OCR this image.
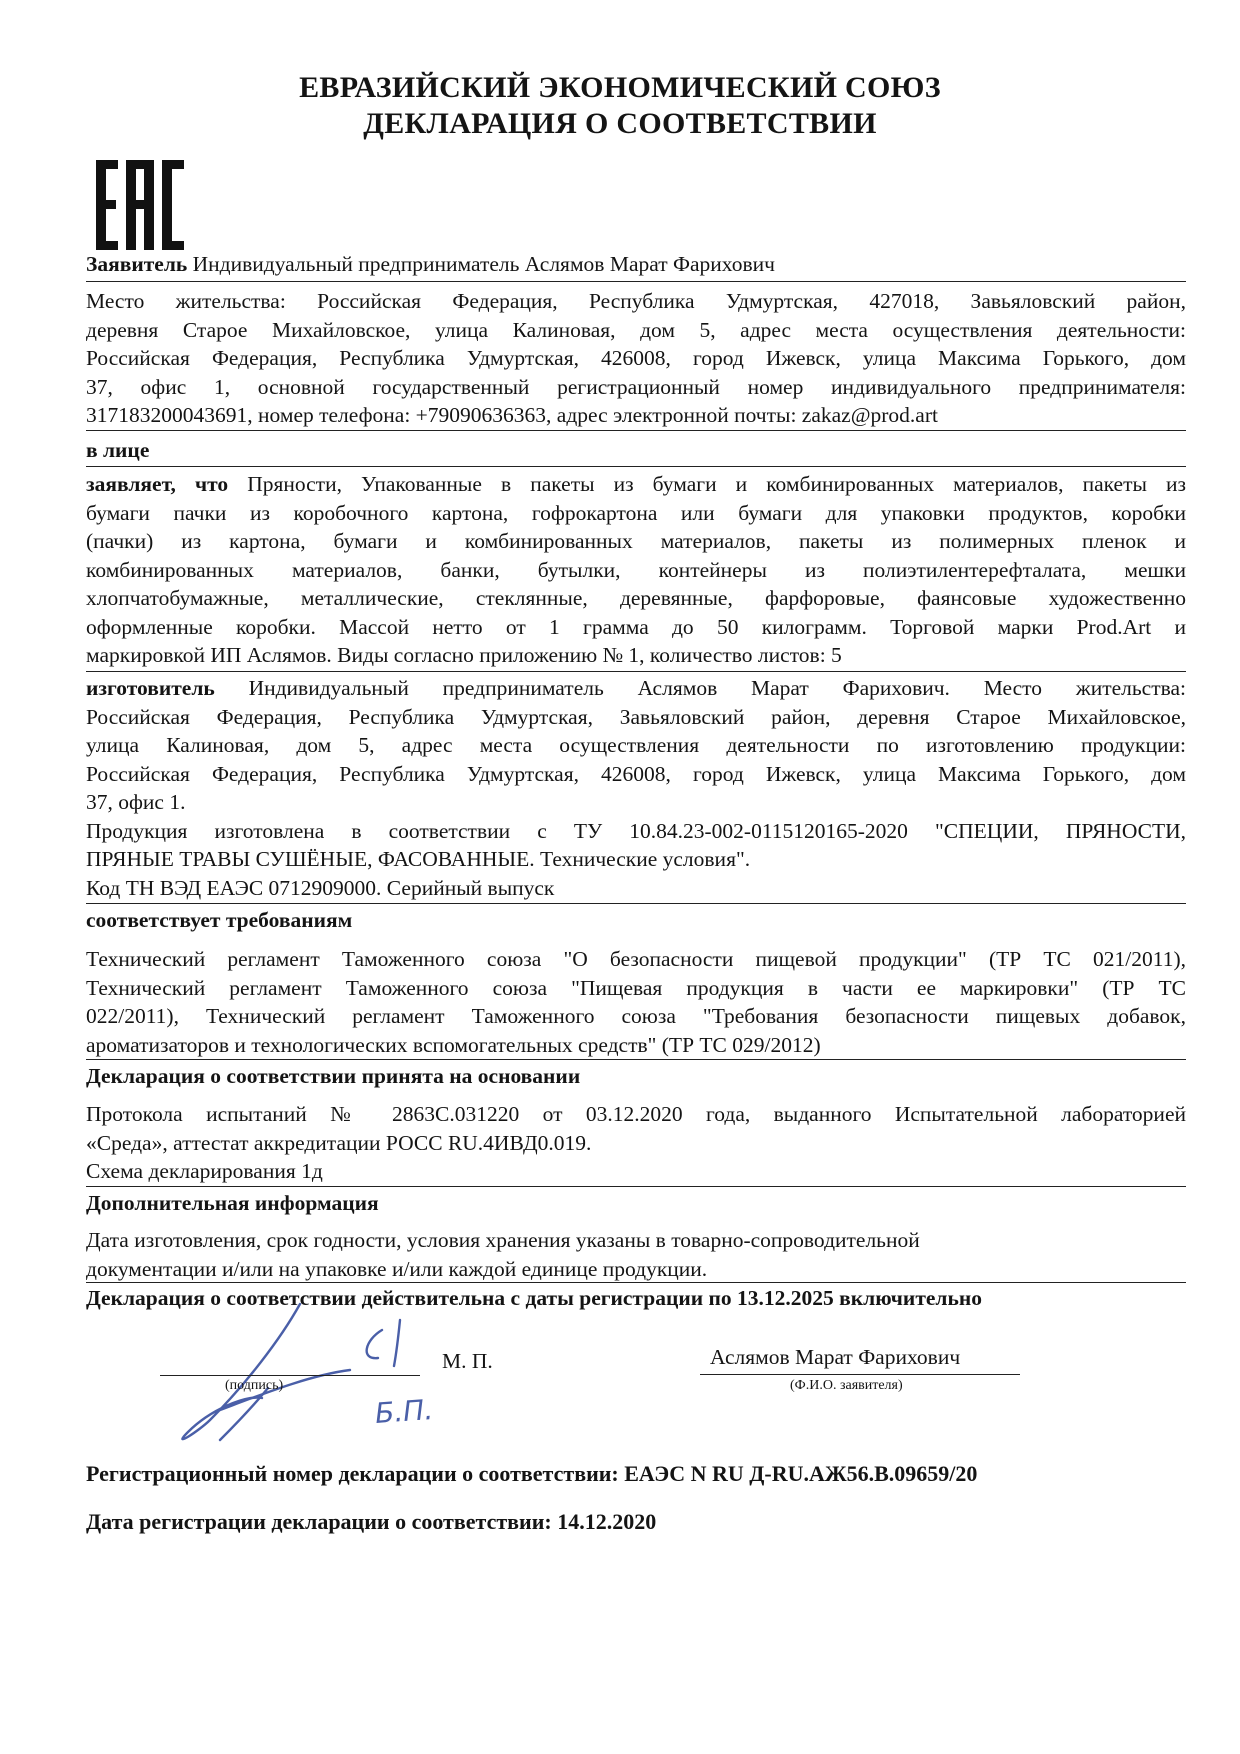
ЕВРАЗИЙСКИЙ ЭКОНОМИЧЕСКИЙ СОЮЗ
ДЕКЛАРАЦИЯ О СООТВЕТСТВИИ
Заявитель Индивидуальный предприниматель Аслямов Марат Фарихович
Место жительства: Российская Федерация, Республика Удмуртская, 427018, Завьяловский район,
деревня Старое Михайловское, улица Калиновая, дом 5, адрес места осуществления деятельности:
Российская Федерация, Республика Удмуртская, 426008, город Ижевск, улица Максима Горького, дом
37, офис 1, основной государственный регистрационный номер индивидуального предпринимателя:
317183200043691, номер телефона: +79090636363, адрес электронной почты: zakaz@prod.art
в лице
заявляет, что Пряности, Упакованные в пакеты из бумаги и комбинированных материалов, пакеты из
бумаги пачки из коробочного картона, гофрокартона или бумаги для упаковки продуктов, коробки
(пачки) из картона, бумаги и комбинированных материалов, пакеты из полимерных пленок и
комбинированных материалов, банки, бутылки, контейнеры из полиэтилентерефталата, мешки
хлопчатобумажные, металлические, стеклянные, деревянные, фарфоровые, фаянсовые художественно
оформленные коробки. Массой нетто от 1 грамма до 50 килограмм. Торговой марки Prod.Art и
маркировкой ИП Аслямов. Виды согласно приложению № 1, количество листов: 5
изготовитель Индивидуальный предприниматель Аслямов Марат Фарихович. Место жительства:
Российская Федерация, Республика Удмуртская, Завьяловский район, деревня Старое Михайловское,
улица Калиновая, дом 5, адрес места осуществления деятельности по изготовлению продукции:
Российская Федерация, Республика Удмуртская, 426008, город Ижевск, улица Максима Горького, дом
37, офис 1.
Продукция изготовлена в соответствии с ТУ 10.84.23-002-0115120165-2020 "СПЕЦИИ, ПРЯНОСТИ,
ПРЯНЫЕ ТРАВЫ СУШЁНЫЕ, ФАСОВАННЫЕ. Технические условия".
Код ТН ВЭД ЕАЭС 0712909000. Серийный выпуск
соответствует требованиям
Технический регламент Таможенного союза "О безопасности пищевой продукции" (ТР ТС 021/2011),
Технический регламент Таможенного союза "Пищевая продукция в части ее маркировки" (ТР ТС
022/2011), Технический регламент Таможенного союза "Требования безопасности пищевых добавок,
ароматизаторов и технологических вспомогательных средств" (ТР ТС 029/2012)
Декларация о соответствии принята на основании
Протокола испытаний № 2863С.031220 от 03.12.2020 года, выданного Испытательной лабораторией
«Среда», аттестат аккредитации РОСС RU.4ИВД0.019.
Схема декларирования 1д
Дополнительная информация
Дата изготовления, срок годности, условия хранения указаны в товарно-сопроводительной
документации и/или на упаковке и/или каждой единице продукции.
Декларация о соответствии действительна с даты регистрации по 13.12.2025 включительно
(подпись)
Б.П.
М. П.	Аслямов Марат Фарихович
(Ф.И.О. заявителя)
Регистрационный номер декларации о соответствии: ЕАЭС N RU Д-RU.АЖ56.В.09659/20
Дата регистрации декларации о соответствии: 14.12.2020
